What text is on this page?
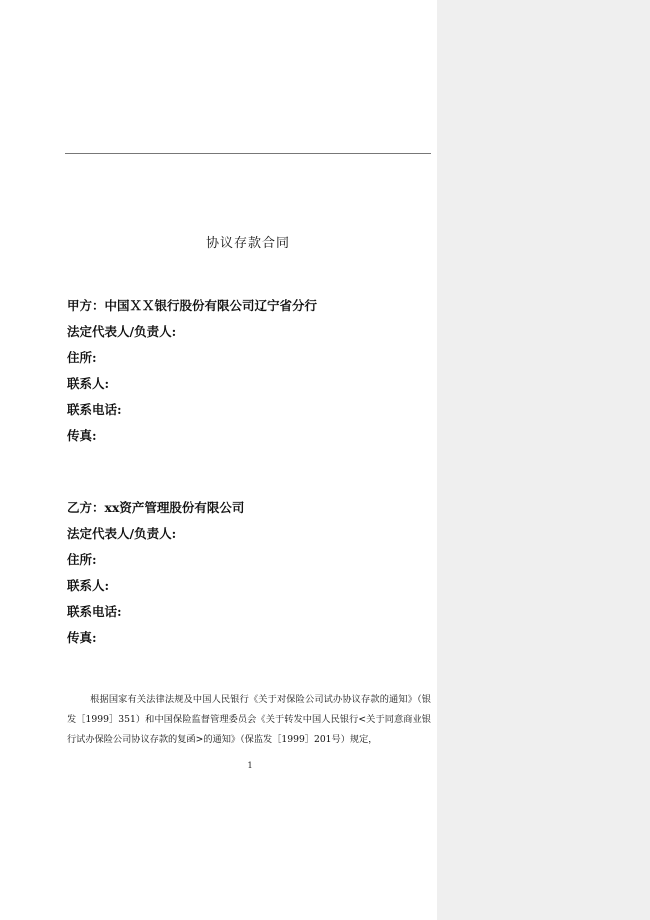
协议存款合同
甲方：中国ＸＸ银行股份有限公司辽宁省分行
法定代表人/负责人:
住所:
联系人:
联系电话:
传真:
乙方：xx资产管理股份有限公司
法定代表人/负责人:
住所:
联系人:
联系电话:
传真:

根据国家有关法律法规及中国人民银行《关于对保险公司试办协议存款的通知》（银发［1999］351）和中国保险监督管理委员会《关于转发中国人民银行<关于同意商业银行试办保险公司协议存款的复函>的通知》（保监发［1999］201号）规定，

1
